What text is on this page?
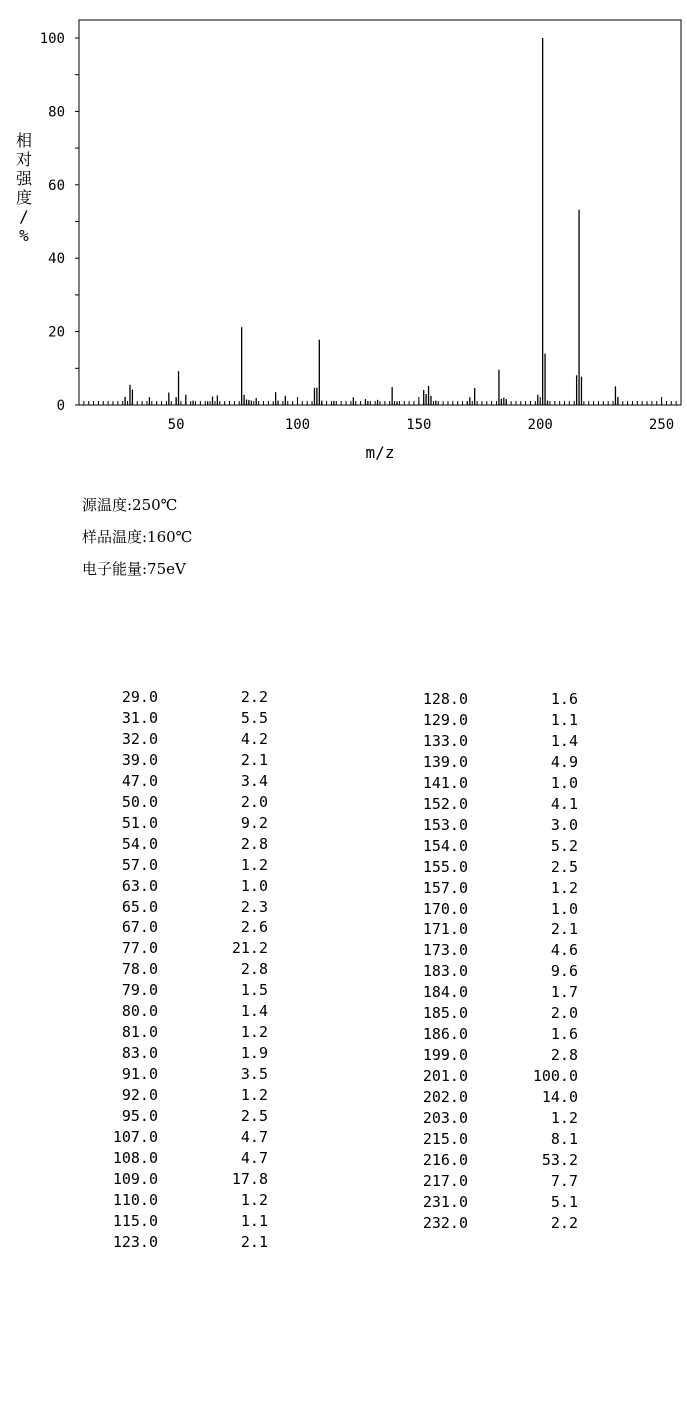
0
20
40
60
80
100
50	100	150	200	250
m/z
相
对
强
度
/
%
源温度:250℃
样品温度:160℃
电子能量:75eV
29.0	2.2
31.0	5.5
32.0	4.2
39.0	2.1
47.0	3.4
50.0	2.0
51.0	9.2
54.0	2.8
57.0	1.2
63.0	1.0
65.0	2.3
67.0	2.6
77.0	21.2
78.0	2.8
79.0	1.5
80.0	1.4
81.0	1.2
83.0	1.9
91.0	3.5
92.0	1.2
95.0	2.5
107.0	4.7
108.0	4.7
109.0	17.8
110.0	1.2
115.0	1.1
123.0	2.1
128.0	1.6
129.0	1.1
133.0	1.4
139.0	4.9
141.0	1.0
152.0	4.1
153.0	3.0
154.0	5.2
155.0	2.5
157.0	1.2
170.0	1.0
171.0	2.1
173.0	4.6
183.0	9.6
184.0	1.7
185.0	2.0
186.0	1.6
199.0	2.8
201.0	100.0
202.0	14.0
203.0	1.2
215.0	8.1
216.0	53.2
217.0	7.7
231.0	5.1
232.0	2.2
